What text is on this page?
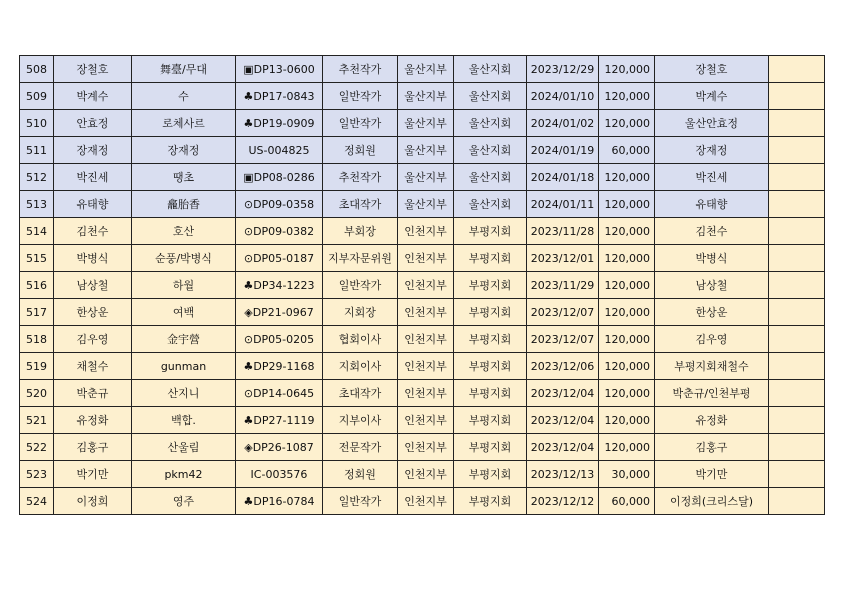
508	장철호	舞臺/무대	▣DP13-0600	추천작가	울산지부	울산지회	2023/12/29	120,000	장철호	
509	박계수	수	♣DP17-0843	일반작가	울산지부	울산지회	2024/01/10	120,000	박계수	
510	안효정	로체사르	♣DP19-0909	일반작가	울산지부	울산지회	2024/01/02	120,000	울산안효정	
511	장재정	장재정	US-004825	정회원	울산지부	울산지회	2024/01/19	60,000	장재정	
512	박진세	땡초	▣DP08-0286	추천작가	울산지부	울산지회	2024/01/18	120,000	박진세	
513	유태향	龕胎香	⊙DP09-0358	초대작가	울산지부	울산지회	2024/01/11	120,000	유태향	
514	김천수	호산	⊙DP09-0382	부회장	인천지부	부평지회	2023/11/28	120,000	김천수	
515	박병식	순풍/박병식	⊙DP05-0187	지부자문위원	인천지부	부평지회	2023/12/01	120,000	박병식	
516	남상철	하월	♣DP34-1223	일반작가	인천지부	부평지회	2023/11/29	120,000	남상철	
517	한상운	여백	◈DP21-0967	지회장	인천지부	부평지회	2023/12/07	120,000	한상운	
518	김우영	金宇營	⊙DP05-0205	협회이사	인천지부	부평지회	2023/12/07	120,000	김우영	
519	채철수	gunman	♣DP29-1168	지회이사	인천지부	부평지회	2023/12/06	120,000	부평지회채철수	
520	박춘규	산지니	⊙DP14-0645	초대작가	인천지부	부평지회	2023/12/04	120,000	박춘규/인천부평	
521	유정화	백합.	♣DP27-1119	지부이사	인천지부	부평지회	2023/12/04	120,000	유정화	
522	김홍구	산울림	◈DP26-1087	전문작가	인천지부	부평지회	2023/12/04	120,000	김홍구	
523	박기만	pkm42	IC-003576	정회원	인천지부	부평지회	2023/12/13	30,000	박기만	
524	이정희	영주	♣DP16-0784	일반작가	인천지부	부평지회	2023/12/12	60,000	이정희(크리스달)	
